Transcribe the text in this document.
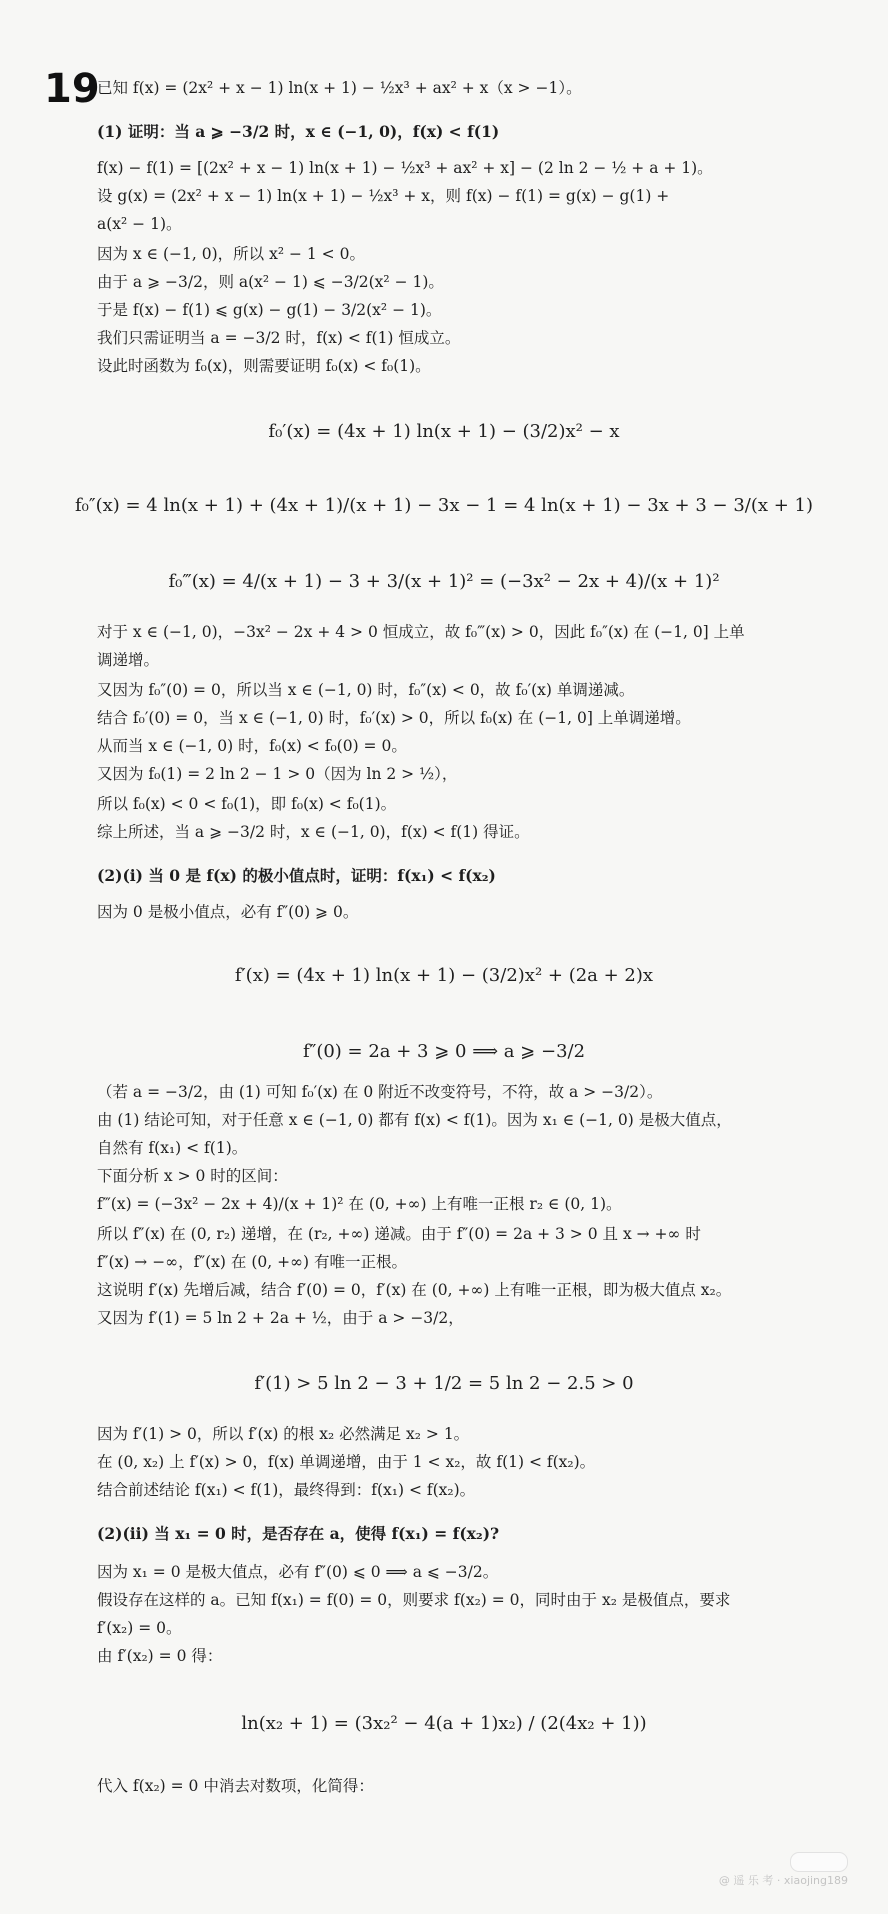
19
已知 f(x) = (2x² + x − 1) ln(x + 1) − ½x³ + ax² + x（x > −1）。
(1) 证明：当 a ⩾ −3/2 时，x ∈ (−1, 0)，f(x) < f(1)
f(x) − f(1) = [(2x² + x − 1) ln(x + 1) − ½x³ + ax² + x] − (2 ln 2 − ½ + a + 1)。
设 g(x) = (2x² + x − 1) ln(x + 1) − ½x³ + x，则 f(x) − f(1) = g(x) − g(1) +
a(x² − 1)。
因为 x ∈ (−1, 0)，所以 x² − 1 < 0。
由于 a ⩾ −3/2，则 a(x² − 1) ⩽ −3/2(x² − 1)。
于是 f(x) − f(1) ⩽ g(x) − g(1) − 3/2(x² − 1)。
我们只需证明当 a = −3/2 时，f(x) < f(1) 恒成立。
设此时函数为 f₀(x)，则需要证明 f₀(x) < f₀(1)。
对于 x ∈ (−1, 0)，−3x² − 2x + 4 > 0 恒成立，故 f₀‴(x) > 0，因此 f₀″(x) 在 (−1, 0] 上单
调递增。
又因为 f₀″(0) = 0，所以当 x ∈ (−1, 0) 时，f₀″(x) < 0，故 f₀′(x) 单调递减。
结合 f₀′(0) = 0，当 x ∈ (−1, 0) 时，f₀′(x) > 0，所以 f₀(x) 在 (−1, 0] 上单调递增。
从而当 x ∈ (−1, 0) 时，f₀(x) < f₀(0) = 0。
又因为 f₀(1) = 2 ln 2 − 1 > 0（因为 ln 2 > ½），
所以 f₀(x) < 0 < f₀(1)，即 f₀(x) < f₀(1)。
综上所述，当 a ⩾ −3/2 时，x ∈ (−1, 0)，f(x) < f(1) 得证。
(2)(i) 当 0 是 f(x) 的极小值点时，证明：f(x₁) < f(x₂)
因为 0 是极小值点，必有 f″(0) ⩾ 0。
（若 a = −3/2，由 (1) 可知 f₀′(x) 在 0 附近不改变符号，不符，故 a > −3/2）。
由 (1) 结论可知，对于任意 x ∈ (−1, 0) 都有 f(x) < f(1)。因为 x₁ ∈ (−1, 0) 是极大值点，
自然有 f(x₁) < f(1)。
下面分析 x > 0 时的区间：
f‴(x) = (−3x² − 2x + 4)/(x + 1)² 在 (0, +∞) 上有唯一正根 r₂ ∈ (0, 1)。
所以 f″(x) 在 (0, r₂) 递增，在 (r₂, +∞) 递减。由于 f″(0) = 2a + 3 > 0 且 x → +∞ 时
f″(x) → −∞，f″(x) 在 (0, +∞) 有唯一正根。
这说明 f′(x) 先增后减，结合 f′(0) = 0，f′(x) 在 (0, +∞) 上有唯一正根，即为极大值点 x₂。
又因为 f′(1) = 5 ln 2 + 2a + ½，由于 a > −3/2，
因为 f′(1) > 0，所以 f′(x) 的根 x₂ 必然满足 x₂ > 1。
在 (0, x₂) 上 f′(x) > 0，f(x) 单调递增，由于 1 < x₂，故 f(1) < f(x₂)。
结合前述结论 f(x₁) < f(1)，最终得到：f(x₁) < f(x₂)。
(2)(ii) 当 x₁ = 0 时，是否存在 a，使得 f(x₁) = f(x₂)?
因为 x₁ = 0 是极大值点，必有 f″(0) ⩽ 0 ⟹ a ⩽ −3/2。
假设存在这样的 a。已知 f(x₁) = f(0) = 0，则要求 f(x₂) = 0，同时由于 x₂ 是极值点，要求
f′(x₂) = 0。
由 f′(x₂) = 0 得：
代入 f(x₂) = 0 中消去对数项，化简得：
f₀′(x) = (4x + 1) ln(x + 1) − (3/2)x² − x
f₀″(x) = 4 ln(x + 1) + (4x + 1)/(x + 1) − 3x − 1 = 4 ln(x + 1) − 3x + 3 − 3/(x + 1)
f₀‴(x) = 4/(x + 1) − 3 + 3/(x + 1)² = (−3x² − 2x + 4)/(x + 1)²
f′(x) = (4x + 1) ln(x + 1) − (3/2)x² + (2a + 2)x
f″(0) = 2a + 3 ⩾ 0 ⟹ a ⩾ −3/2
f′(1) > 5 ln 2 − 3 + 1/2 = 5 ln 2 − 2.5 > 0
ln(x₂ + 1) = (3x₂² − 4(a + 1)x₂) / (2(4x₂ + 1))
@ 遥 乐 考 · xiaojing189
